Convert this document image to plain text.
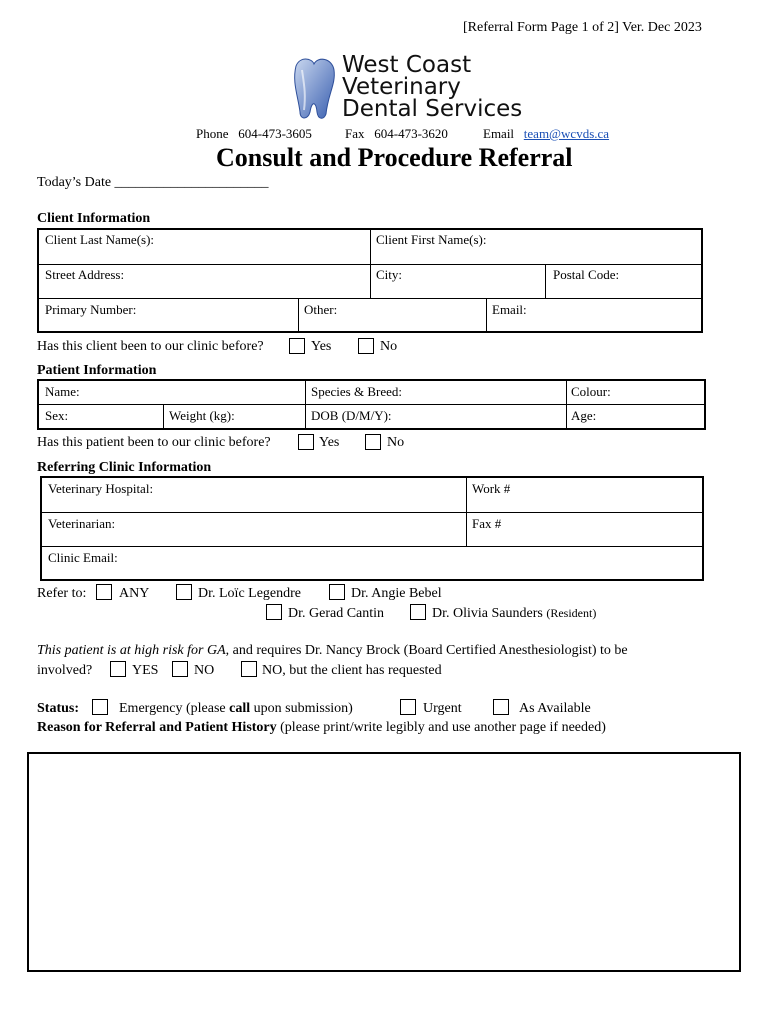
[Referral Form Page 1 of 2] Ver. Dec 2023
West Coast
Veterinary
Dental Services
Phone 604-473-3605	Fax 604-473-3620	Email team@wcvds.ca
Consult and Procedure Referral
Today’s Date ______________________
Client Information
Client Last Name(s):	Client First Name(s):
Street Address:	City:	Postal Code:
Primary Number:	Other:	Email:
Has this client been to our clinic before?	Yes	No
Patient Information
Name:	Species & Breed:	Colour:
Sex:	Weight (kg):	DOB (D/M/Y):	Age:
Has this patient been to our clinic before?	Yes	No
Referring Clinic Information
Veterinary Hospital:	Work #
Veterinarian:	Fax #
Clinic Email:
Refer to: ANY	Dr. Loïc Legendre	Dr. Angie Bebel
Dr. Gerad Cantin	Dr. Olivia Saunders (Resident)
This patient is at high risk for GA, and requires Dr. Nancy Brock (Board Certified Anesthesiologist) to be
involved?	YES	NO	NO, but the client has requested
Status:	Emergency (please call upon submission)	Urgent	As Available
Reason for Referral and Patient History (please print/write legibly and use another page if needed)
